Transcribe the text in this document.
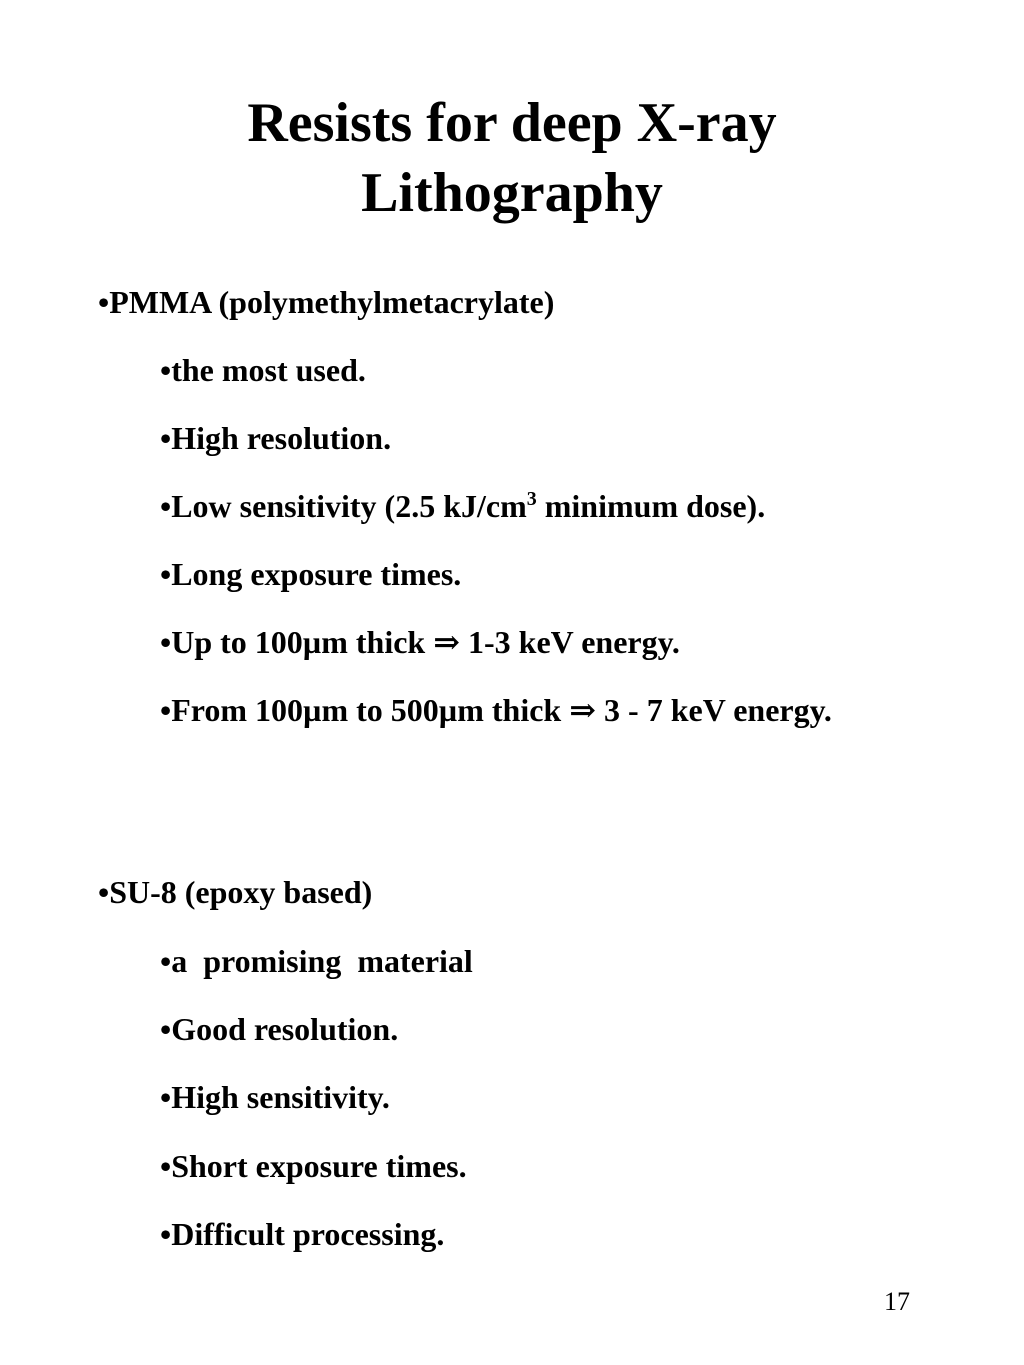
Resists for deep X-ray
Lithography
•PMMA (polymethylmetacrylate)
•the most used.
•High resolution.
•Low sensitivity (2.5 $kJ/cm^3$ minimum dose).
•Long exposure times.
•Up to 100µm thick ⇒ 1-3 keV energy.
•From 100µm to 500µm thick ⇒ 3 - 7 keV energy.
•SU-8 (epoxy based)
•a  promising  material
•Good resolution.
•High sensitivity.
•Short exposure times.
•Difficult processing.
17
